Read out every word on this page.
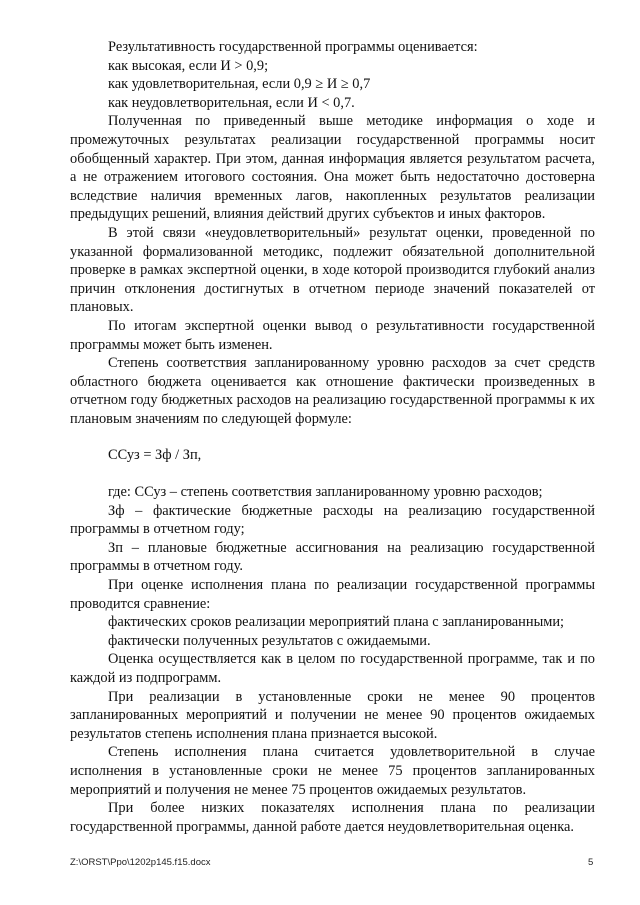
Результативность государственной программы оценивается:

как высокая, если И > 0,9;

как удовлетворительная, если 0,9 ≥ И ≥ 0,7

как неудовлетворительная, если И < 0,7.

Полученная по приведенный выше методике информация о ходе и промежуточных результатах реализации государственной программы носит обобщенный характер. При этом, данная информация является результатом расчета, а не отражением итогового состояния. Она может быть недостаточно достоверна вследствие наличия временных лагов, накопленных результатов реализации предыдущих решений, влияния действий других субъектов и иных факторов.

В этой связи «неудовлетворительный» результат оценки, проведенной по указанной формализованной методикс, подлежит обязательной дополнительной проверке в рамках экспертной оценки, в ходе которой производится глубокий анализ причин отклонения достигнутых в отчетном периоде значений показателей от плановых.

По итогам экспертной оценки вывод о результативности государственной программы может быть изменен.

Степень соответствия запланированному уровню расходов за счет средств областного бюджета оценивается как отношение фактически произведенных в отчетном году бюджетных расходов на реализацию государственной программы к их плановым значениям по следующей формуле:

ССуз = Зф / Зп,

где: ССуз – степень соответствия запланированному уровню расходов;

Зф – фактические бюджетные расходы на реализацию государственной программы в отчетном году;

Зп – плановые бюджетные ассигнования на реализацию государственной программы в отчетном году.

При оценке исполнения плана по реализации государственной программы проводится сравнение:

фактических сроков реализации мероприятий плана с запланированными;

фактически полученных результатов с ожидаемыми.

Оценка осуществляется как в целом по государственной программе, так и по каждой из подпрограмм.

При реализации в установленные сроки не менее 90 процентов запланированных мероприятий и получении не менее 90 процентов ожидаемых результатов степень исполнения плана признается высокой.

Степень исполнения плана считается удовлетворительной в случае исполнения в установленные сроки не менее 75 процентов запланированных мероприятий и получения не менее 75 процентов ожидаемых результатов.

При более низких показателях исполнения плана по реализации государственной программы, данной работе дается неудовлетворительная оценка.

Z:\ORST\Ppo\1202p145.f15.docx	5
